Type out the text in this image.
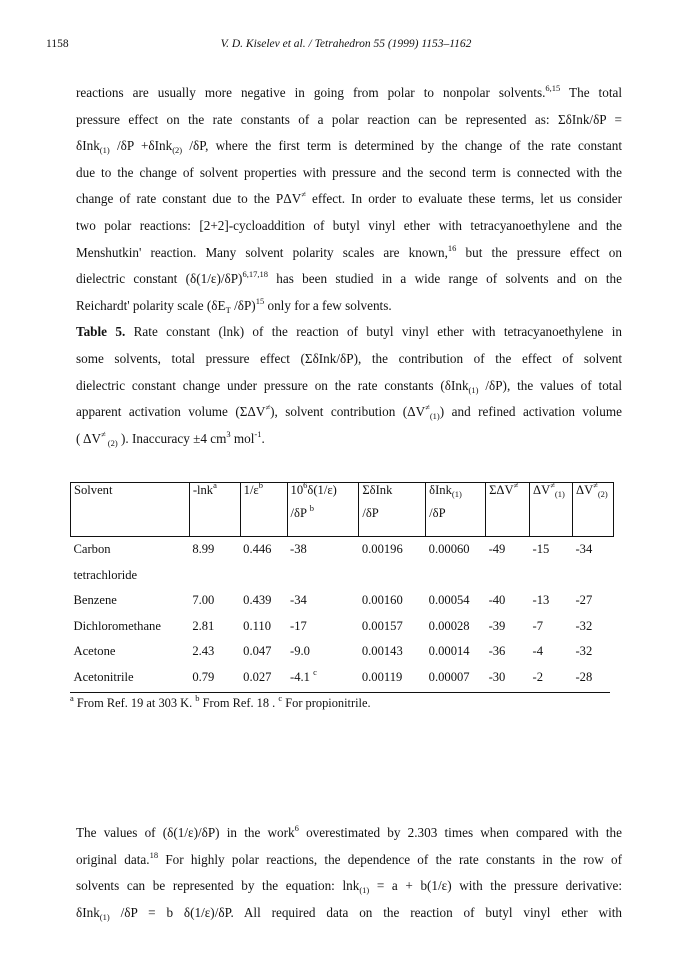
1158	V. D. Kiselev et al. / Tetrahedron 55 (1999) 1153–1162
reactions are usually more negative in going from polar to nonpolar solvents.$^{6,15}$ The total
pressure effect on the rate constants of a polar reaction can be represented as: ΣδInk/δP =
δInk$_{(1)}$ /δP +δInk$_{(2)}$ /δP, where the first term is determined by the change of the rate constant
due to the change of solvent properties with pressure and the second term is connected with the
change of rate constant due to the PΔV≠ effect. In order to evaluate these terms, let us consider
two polar reactions: [2+2]-cycloaddition of butyl vinyl ether with tetracyanoethylene and the
Menshutkin' reaction. Many solvent polarity scales are known,$^{16}$ but the pressure effect on
dielectric constant $(\delta(1/\varepsilon)/\delta P)^{6,17,18}$ has been studied in a wide range of solvents and on the
Reichardt' polarity scale ($\delta E_T$ /δP)$^{15}$ only for a few solvents.
Table 5. Rate constant (lnk) of the reaction of butyl vinyl ether with tetracyanoethylene in
some solvents, total pressure effect (ΣδInk/δP), the contribution of the effect of solvent
dielectric constant change under pressure on the rate constants (δInk$_{(1)}$ /δP), the values of total
apparent activation volume (ΣΔV≠), solvent contribution $(\Delta V^\ne_{(1)})$ and refined activation volume
( ΔV≠ $_{(2)}$ ). Inaccuracy ±4 $cm^3$ mol$^{-1}$.
Solvent	-lnk$^a$	$1/\varepsilon^b$	$10^6\delta(1/\varepsilon)$	ΣδInk	δInk$_{(1)}$	ΣΔV≠	$\Delta V^\ne_{(1)}$	$\Delta V^\ne_{(2)}$
			/δP $^b$	/δP	/δP			
Carbon	8.99	0.446	-38	0.00196	0.00060	-49	-15	-34
tetrachloride								
Benzene	7.00	0.439	-34	0.00160	0.00054	-40	-13	-27
Dichloromethane	2.81	0.110	-17	0.00157	0.00028	-39	-7	-32
Acetone	2.43	0.047	-9.0	0.00143	0.00014	-36	-4	-32
Acetonitrile	0.79	0.027	-4.1 $^c$	0.00119	0.00007	-30	-2	-28
$^a$ From Ref. 19 at 303 K. $^b$ From Ref. 18 . $^c$ For propionitrile.
The values of (δ(1/ε)/δP) in the work$^6$ overestimated by 2.303 times when compared with the
original data.$^{18}$ For highly polar reactions, the dependence of the rate constants in the row of
solvents can be represented by the equation: lnk$_{(1)}$ = a + b(1/ε) with the pressure derivative:
δInk$_{(1)}$ /δP = b δ(1/ε)/δP. All required data on the reaction of butyl vinyl ether with
